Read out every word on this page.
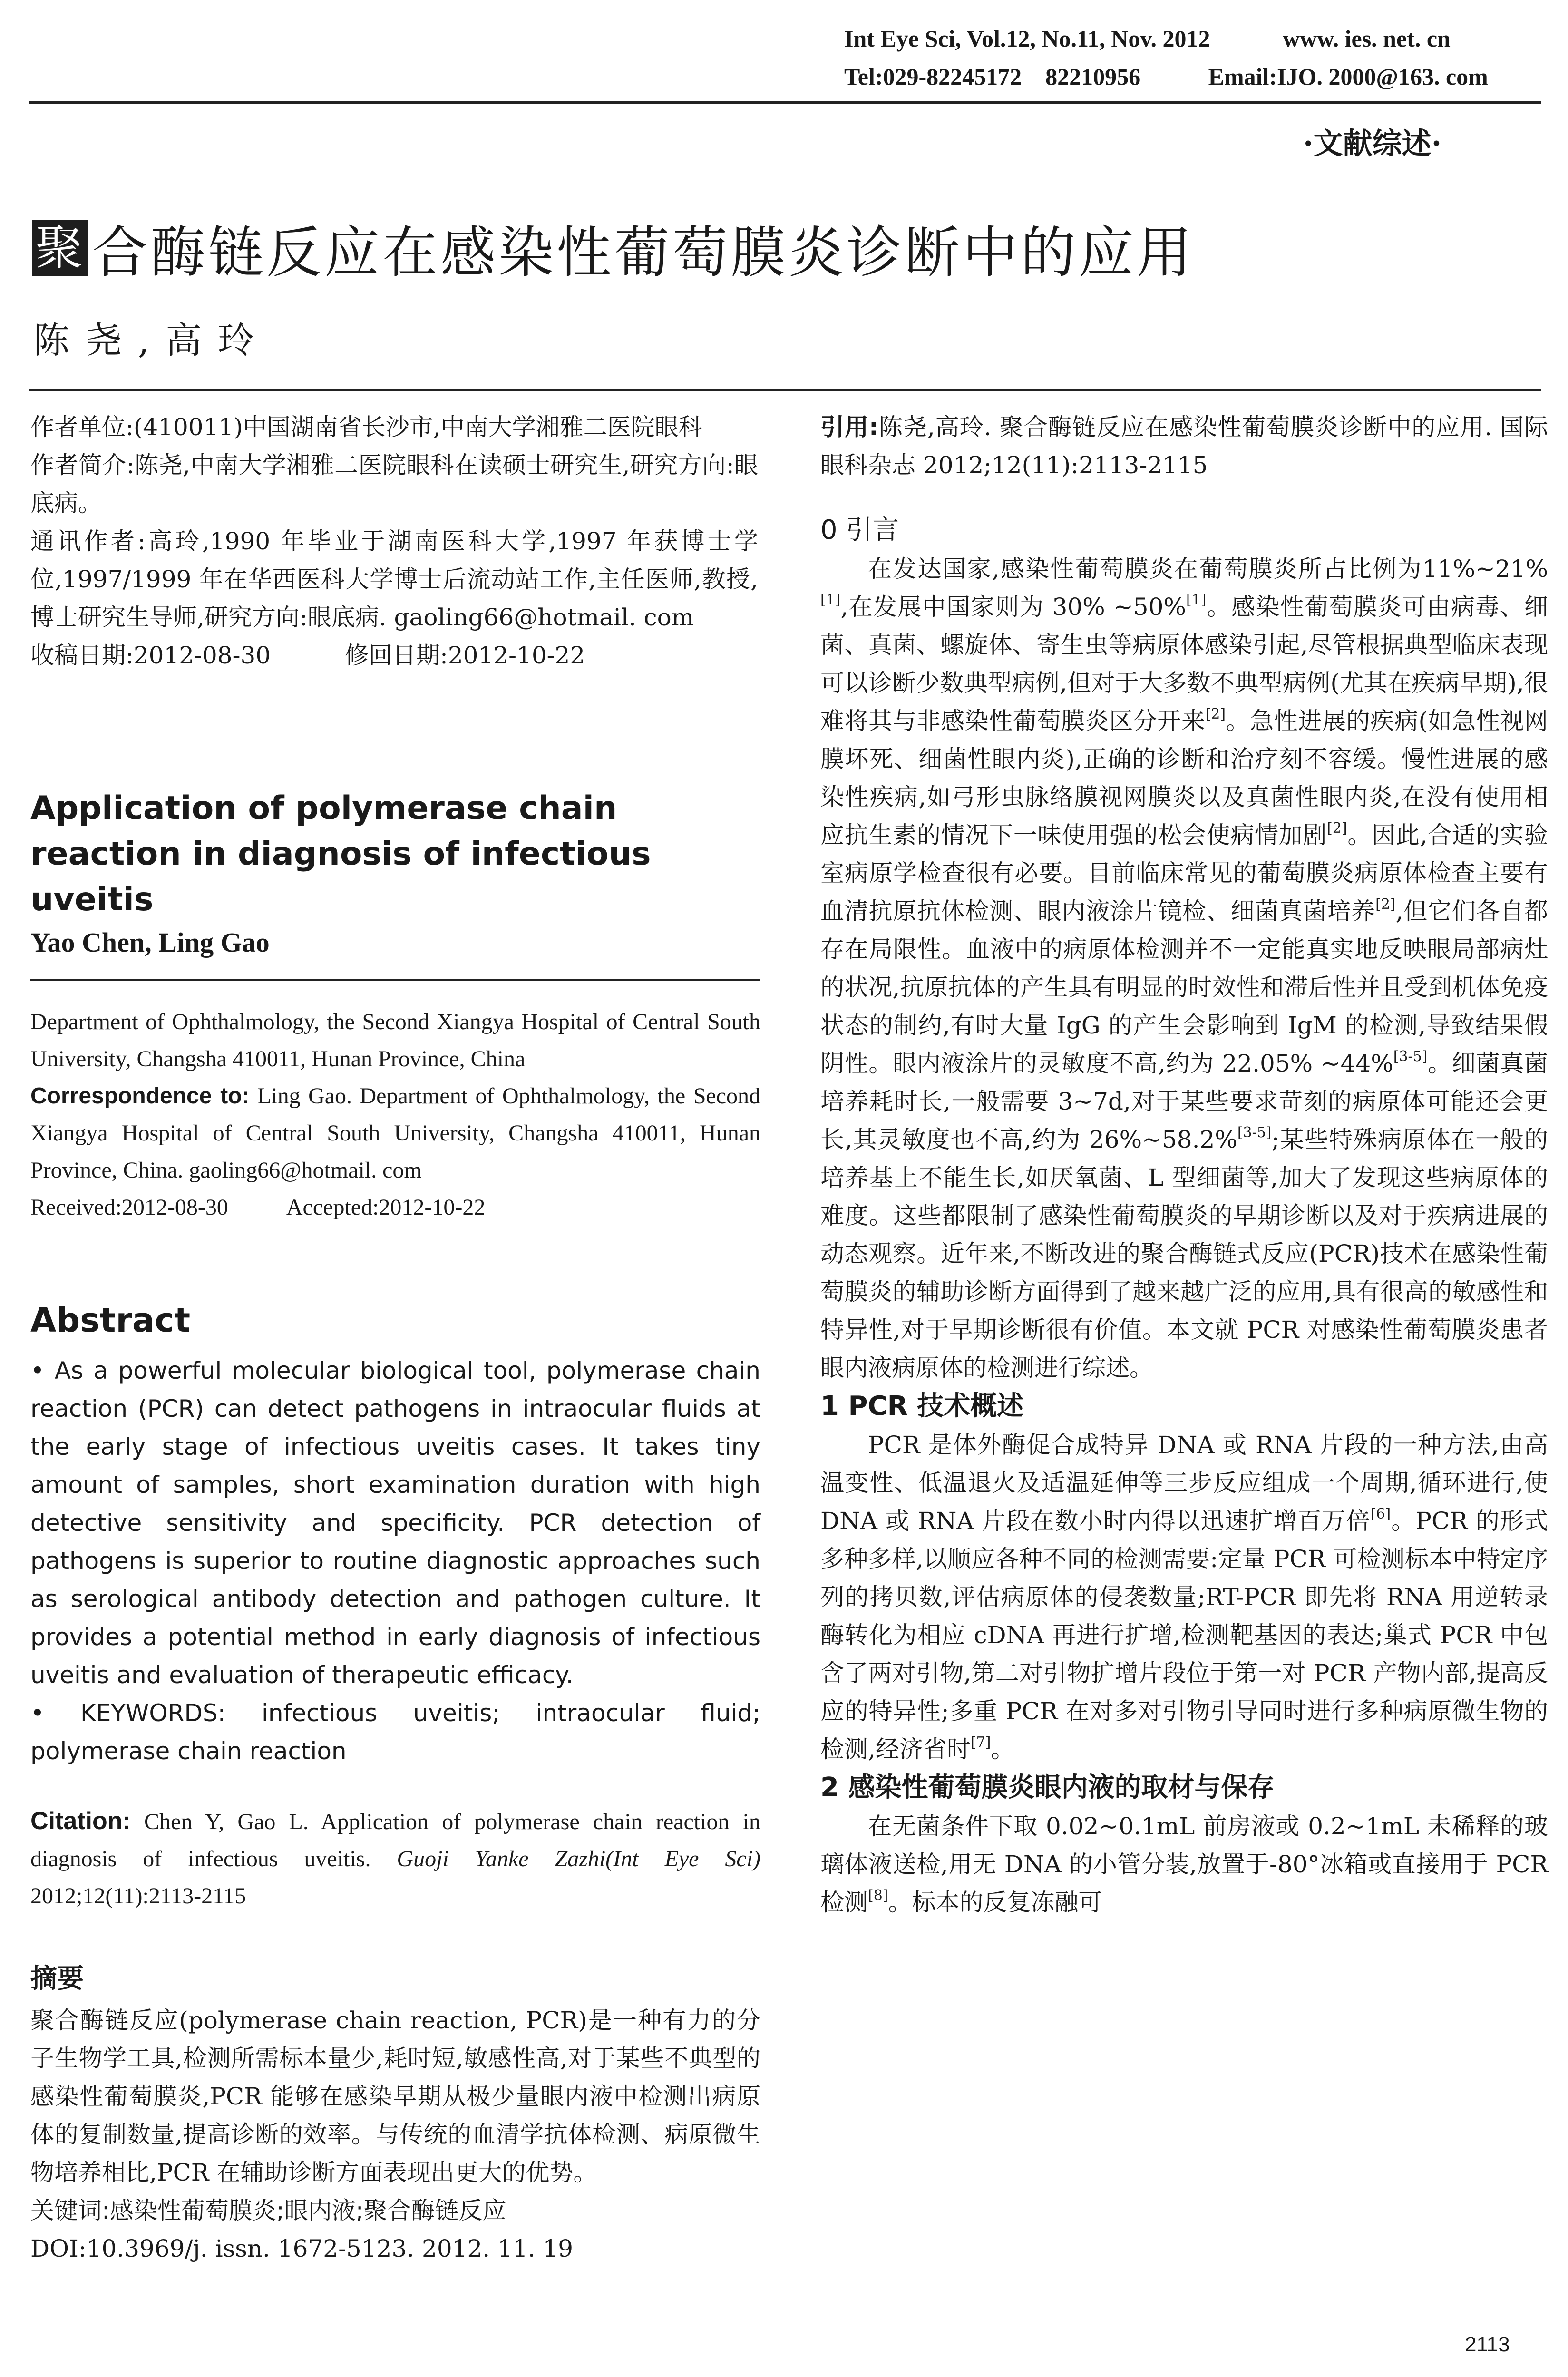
Int Eye Sci, Vol.12, No.11, Nov. 2012	www. ies. net. cn
Tel:029-82245172    82210956	Email:IJO. 2000@163. com
·文献综述·
聚 合酶链反应在感染性葡萄膜炎诊断中的应用
陈尧,高玲

作者单位:(410011)中国湖南省长沙市,中南大学湘雅二医院眼科

作者简介:陈尧,中南大学湘雅二医院眼科在读硕士研究生,研究方向:眼底病。

通讯作者:高玲,1990 年毕业于湖南医科大学,1997 年获博士学位,1997/1999 年在华西医科大学博士后流动站工作,主任医师,教授,博士研究生导师,研究方向:眼底病. gaoling66@hotmail. com

收稿日期:2012-08-30	修回日期:2012-10-22

Application of polymerase chain reaction in diagnosis of infectious uveitis
Yao Chen, Ling Gao
Department of Ophthalmology, the Second Xiangya Hospital of Central South University, Changsha 410011, Hunan Province, China
Correspondence to: Ling Gao. Department of Ophthalmology, the Second Xiangya Hospital of Central South University, Changsha 410011, Hunan Province, China. gaoling66@hotmail. com
Received:2012-08-30	Accepted:2012-10-22
Abstract
• As a powerful molecular biological tool, polymerase chain reaction (PCR) can detect pathogens in intraocular fluids at the early stage of infectious uveitis cases. It takes tiny amount of samples, short examination duration with high detective sensitivity and specificity. PCR detection of pathogens is superior to routine diagnostic approaches such as serological antibody detection and pathogen culture. It provides a potential method in early diagnosis of infectious uveitis and evaluation of therapeutic efficacy.
• KEYWORDS: infectious uveitis; intraocular fluid; polymerase chain reaction
Citation: Chen Y, Gao L. Application of polymerase chain reaction in diagnosis of infectious uveitis. Guoji Yanke Zazhi(Int Eye Sci) 2012;12(11):2113-2115
摘要

聚合酶链反应(polymerase chain reaction, PCR)是一种有力的分子生物学工具,检测所需标本量少,耗时短,敏感性高,对于某些不典型的感染性葡萄膜炎,PCR 能够在感染早期从极少量眼内液中检测出病原体的复制数量,提高诊断的效率。与传统的血清学抗体检测、病原微生物培养相比,PCR 在辅助诊断方面表现出更大的优势。

关键词:感染性葡萄膜炎;眼内液;聚合酶链反应

DOI:10.3969/j. issn. 1672-5123. 2012. 11. 19

引用:陈尧,高玲. 聚合酶链反应在感染性葡萄膜炎诊断中的应用. 国际眼科杂志 2012;12(11):2113-2115

0 引言

在发达国家,感染性葡萄膜炎在葡萄膜炎所占比例为11%~21%[1],在发展中国家则为 30% ~50%[1]。感染性葡萄膜炎可由病毒、细菌、真菌、螺旋体、寄生虫等病原体感染引起,尽管根据典型临床表现可以诊断少数典型病例,但对于大多数不典型病例(尤其在疾病早期),很难将其与非感染性葡萄膜炎区分开来[2]。急性进展的疾病(如急性视网膜坏死、细菌性眼内炎),正确的诊断和治疗刻不容缓。慢性进展的感染性疾病,如弓形虫脉络膜视网膜炎以及真菌性眼内炎,在没有使用相应抗生素的情况下一味使用强的松会使病情加剧[2]。因此,合适的实验室病原学检查很有必要。目前临床常见的葡萄膜炎病原体检查主要有血清抗原抗体检测、眼内液涂片镜检、细菌真菌培养[2],但它们各自都存在局限性。血液中的病原体检测并不一定能真实地反映眼局部病灶的状况,抗原抗体的产生具有明显的时效性和滞后性并且受到机体免疫状态的制约,有时大量 IgG 的产生会影响到 IgM 的检测,导致结果假阴性。眼内液涂片的灵敏度不高,约为 22.05% ~44%[3-5]。细菌真菌培养耗时长,一般需要 3~7d,对于某些要求苛刻的病原体可能还会更长,其灵敏度也不高,约为 26%~58.2%[3-5];某些特殊病原体在一般的培养基上不能生长,如厌氧菌、L 型细菌等,加大了发现这些病原体的难度。这些都限制了感染性葡萄膜炎的早期诊断以及对于疾病进展的动态观察。近年来,不断改进的聚合酶链式反应(PCR)技术在感染性葡萄膜炎的辅助诊断方面得到了越来越广泛的应用,具有很高的敏感性和特异性,对于早期诊断很有价值。本文就 PCR 对感染性葡萄膜炎患者眼内液病原体的检测进行综述。

1 PCR 技术概述

PCR 是体外酶促合成特异 DNA 或 RNA 片段的一种方法,由高温变性、低温退火及适温延伸等三步反应组成一个周期,循环进行,使 DNA 或 RNA 片段在数小时内得以迅速扩增百万倍[6]。PCR 的形式多种多样,以顺应各种不同的检测需要:定量 PCR 可检测标本中特定序列的拷贝数,评估病原体的侵袭数量;RT-PCR 即先将 RNA 用逆转录酶转化为相应 cDNA 再进行扩增,检测靶基因的表达;巢式 PCR 中包含了两对引物,第二对引物扩增片段位于第一对 PCR 产物内部,提高反应的特异性;多重 PCR 在对多对引物引导同时进行多种病原微生物的检测,经济省时[7]。

2 感染性葡萄膜炎眼内液的取材与保存

在无菌条件下取 0.02~0.1mL 前房液或 0.2~1mL 未稀释的玻璃体液送检,用无 DNA 的小管分装,放置于-80°冰箱或直接用于 PCR 检测[8]。标本的反复冻融可

2113
